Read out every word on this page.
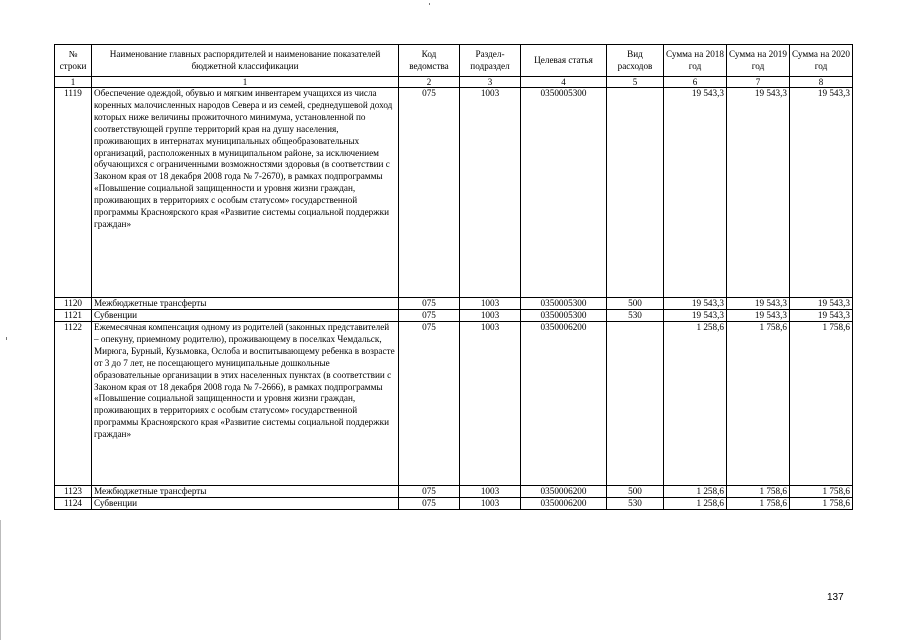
№ строки	Наименование главных распорядителей и наименование показателей бюджетной классификации	Код ведомства	Раздел-подраздел	Целевая статья	Вид расходов	Сумма на 2018 год	Сумма на 2019 год	Сумма на 2020 год
1	1	2	3	4	5	6	7	8
1119	Обеспечение одеждой, обувью и мягким инвентарем учащихся из числа коренных малочисленных народов Севера и из семей, среднедушевой доход которых ниже величины прожиточного минимума, установленной по соответствующей группе территорий края на душу населения, проживающих в интернатах муниципальных общеобразовательных организаций, расположенных в муниципальном районе, за исключением обучающихся с ограниченными возможностями здоровья (в соответствии с Законом края от 18 декабря 2008 года № 7-2670), в рамках подпрограммы «Повышение социальной защищенности и уровня жизни граждан, проживающих в территориях с особым статусом» государственной программы Красноярского края «Развитие системы социальной поддержки граждан»	075	1003	0350005300		19 543,3	19 543,3	19 543,3
1120	Межбюджетные трансферты	075	1003	0350005300	500	19 543,3	19 543,3	19 543,3
1121	Субвенции	075	1003	0350005300	530	19 543,3	19 543,3	19 543,3
1122	Ежемесячная компенсация одному из родителей (законных представителей – опекуну, приемному родителю), проживающему в поселках Чемдальск, Мирюга, Бурный, Кузьмовка, Ослоба и воспитывающему ребенка в возрасте от 3 до 7 лет, не посещающего муниципальные дошкольные образовательные организации в этих населенных пунктах (в соответствии с Законом края от 18 декабря 2008 года № 7-2666), в рамках подпрограммы «Повышение социальной защищенности и уровня жизни граждан, проживающих в территориях с особым статусом» государственной программы Красноярского края «Развитие системы социальной поддержки граждан»	075	1003	0350006200		1 258,6	1 758,6	1 758,6
1123	Межбюджетные трансферты	075	1003	0350006200	500	1 258,6	1 758,6	1 758,6
1124	Субвенции	075	1003	0350006200	530	1 258,6	1 758,6	1 758,6
137
